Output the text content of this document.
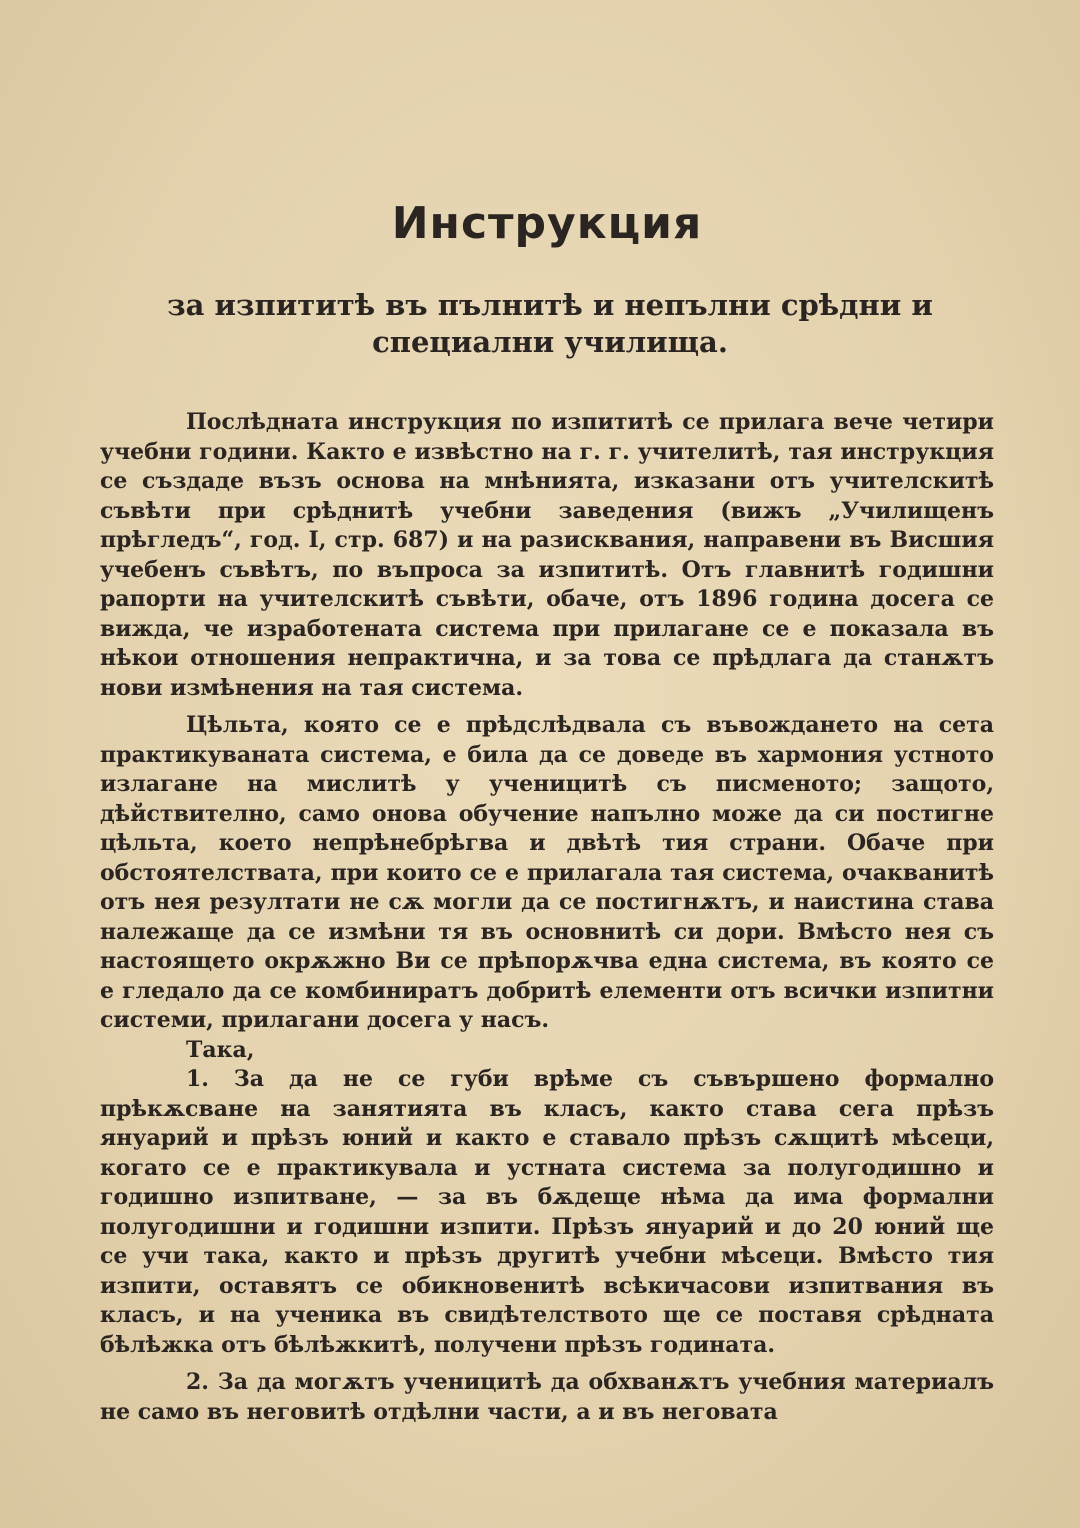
Инструкция
за изпититѣ въ пълнитѣ и непълни срѣдни и специални училища.

Послѣдната инструкция по изпититѣ се прилага вече четири учебни години. Както е извѣстно на г. г. учителитѣ, тая инструкция се създаде възъ основа на мнѣнията, изказани отъ учителскитѣ съвѣти при срѣднитѣ учебни заведения (вижъ „Училищенъ прѣгледъ“, год. I, стр. 687) и на разисквания, направени въ Висшия учебенъ съвѣтъ, по въпроса за изпититѣ. Отъ главнитѣ годишни рапорти на учителскитѣ съвѣти, обаче, отъ 1896 година досега се вижда, че изработената система при прилагане се е показала въ нѣкои отношения непрактична, и за това се прѣдлага да станѫтъ нови измѣнения на тая система.

Цѣльта, която се е прѣдслѣдвала съ въвождането на сета практикуваната система, е била да се доведе въ хармония устното излагане на мислитѣ у ученицитѣ съ писменото; защото, дѣйствително, само онова обучение напълно може да си постигне цѣльта, което непрѣнебрѣгва и двѣтѣ тия страни. Обаче при обстоятелствата, при които се е прилагала тая система, очакванитѣ отъ нея резултати не сѫ могли да се постигнѫтъ, и наистина става належаще да се измѣни тя въ основнитѣ си дори. Вмѣсто нея съ настоящето окрѫжно Ви се прѣпорѫчва една система, въ която се е гледало да се комбиниратъ добритѣ елементи отъ всички изпитни системи, прилагани досега у насъ.

Така,

1. За да не се губи врѣме съ съвършено формално прѣкѫсване на занятията въ класъ, както става сега прѣзъ януарий и прѣзъ юний и както е ставало прѣзъ сѫщитѣ мѣсеци, когато се е практикувала и устната система за полугодишно и годишно изпитване, — за въ бѫдеще нѣма да има формални полугодишни и годишни изпити. Прѣзъ януарий и до 20 юний ще се учи така, както и прѣзъ другитѣ учебни мѣсеци. Вмѣсто тия изпити, оставятъ се обикновенитѣ всѣкичасови изпитвания въ класъ, и на ученика въ свидѣтелството ще се поставя срѣдната бѣлѣжка отъ бѣлѣжкитѣ, получени прѣзъ годината.

2. За да могѫтъ ученицитѣ да обхванѫтъ учебния материалъ не само въ неговитѣ отдѣлни части, а и въ неговата
